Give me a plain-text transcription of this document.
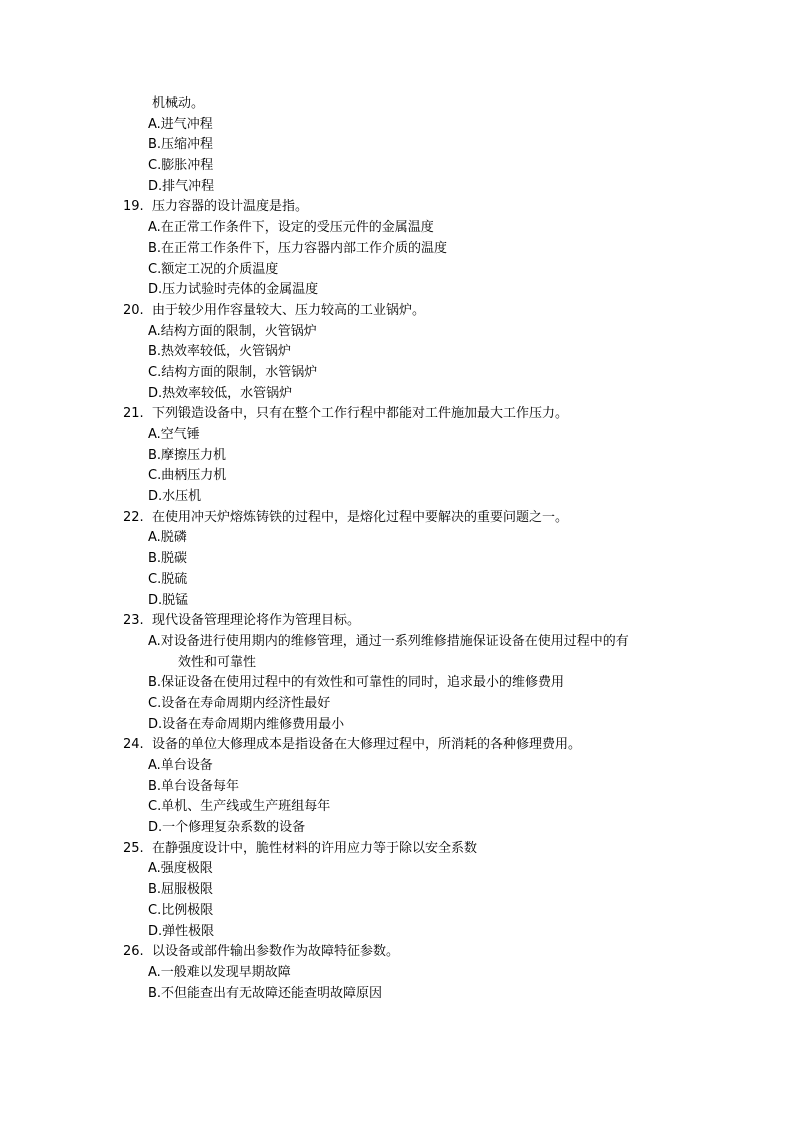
机械动。
A.进气冲程
B.压缩冲程
C.膨胀冲程
D.排气冲程
19. 压力容器的设计温度是指。
A.在正常工作条件下，设定的受压元件的金属温度
B.在正常工作条件下，压力容器内部工作介质的温度
C.额定工况的介质温度
D.压力试验时壳体的金属温度
20. 由于较少用作容量较大、压力较高的工业锅炉。
A.结构方面的限制，火管锅炉
B.热效率较低，火管锅炉
C.结构方面的限制，水管锅炉
D.热效率较低，水管锅炉
21. 下列锻造设备中，只有在整个工作行程中都能对工件施加最大工作压力。
A.空气锤
B.摩擦压力机
C.曲柄压力机
D.水压机
22. 在使用冲天炉熔炼铸铁的过程中，是熔化过程中要解决的重要问题之一。
A.脱磷
B.脱碳
C.脱硫
D.脱锰
23. 现代设备管理理论将作为管理目标。
A.对设备进行使用期内的维修管理，通过一系列维修措施保证设备在使用过程中的有
效性和可靠性
B.保证设备在使用过程中的有效性和可靠性的同时，追求最小的维修费用
C.设备在寿命周期内经济性最好
D.设备在寿命周期内维修费用最小
24. 设备的单位大修理成本是指设备在大修理过程中，所消耗的各种修理费用。
A.单台设备
B.单台设备每年
C.单机、生产线或生产班组每年
D.一个修理复杂系数的设备
25. 在静强度设计中，脆性材料的许用应力等于除以安全系数
A.强度极限
B.屈服极限
C.比例极限
D.弹性极限
26. 以设备或部件输出参数作为故障特征参数。
A.一般难以发现早期故障
B.不但能查出有无故障还能查明故障原因
